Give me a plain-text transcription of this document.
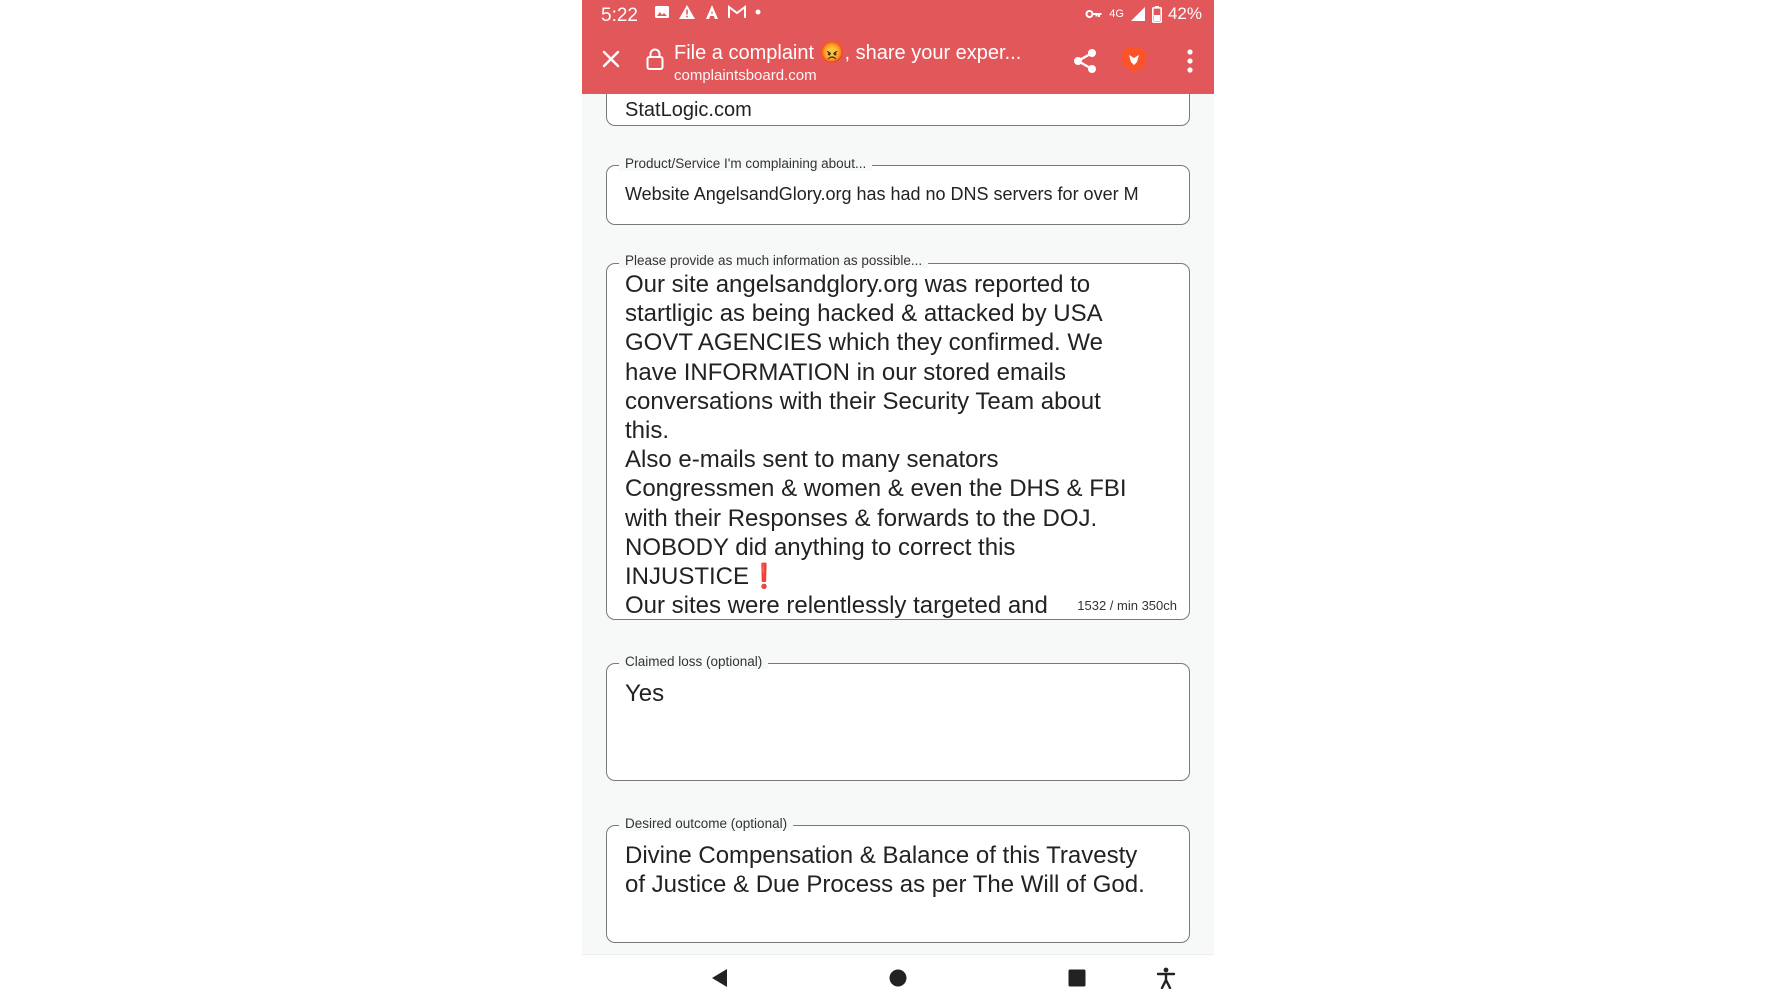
5:22	4G	42%
File a complaint 😡, share your exper...
complaintsboard.com
StatLogic.com
Product/Service I'm complaining about...
Website AngelsandGlory.org has had no DNS servers for over M
Our site angelsandglory.org was reported to
startligic as being hacked & attacked by USA
GOVT AGENCIES which they confirmed. We
have INFORMATION in our stored emails
conversations with their Security Team about
this.
Also e-mails sent to many senators
Congressmen & women & even the DHS & FBI
with their Responses & forwards to the DOJ.
NOBODY did anything to correct this
INJUSTICE❗
Our sites were relentlessly targeted and	1532 / min 350ch
Please provide as much information as possible...
Claimed loss (optional)
Yes
Desired outcome (optional)
Divine Compensation & Balance of this Travesty
of Justice & Due Process as per The Will of God.
